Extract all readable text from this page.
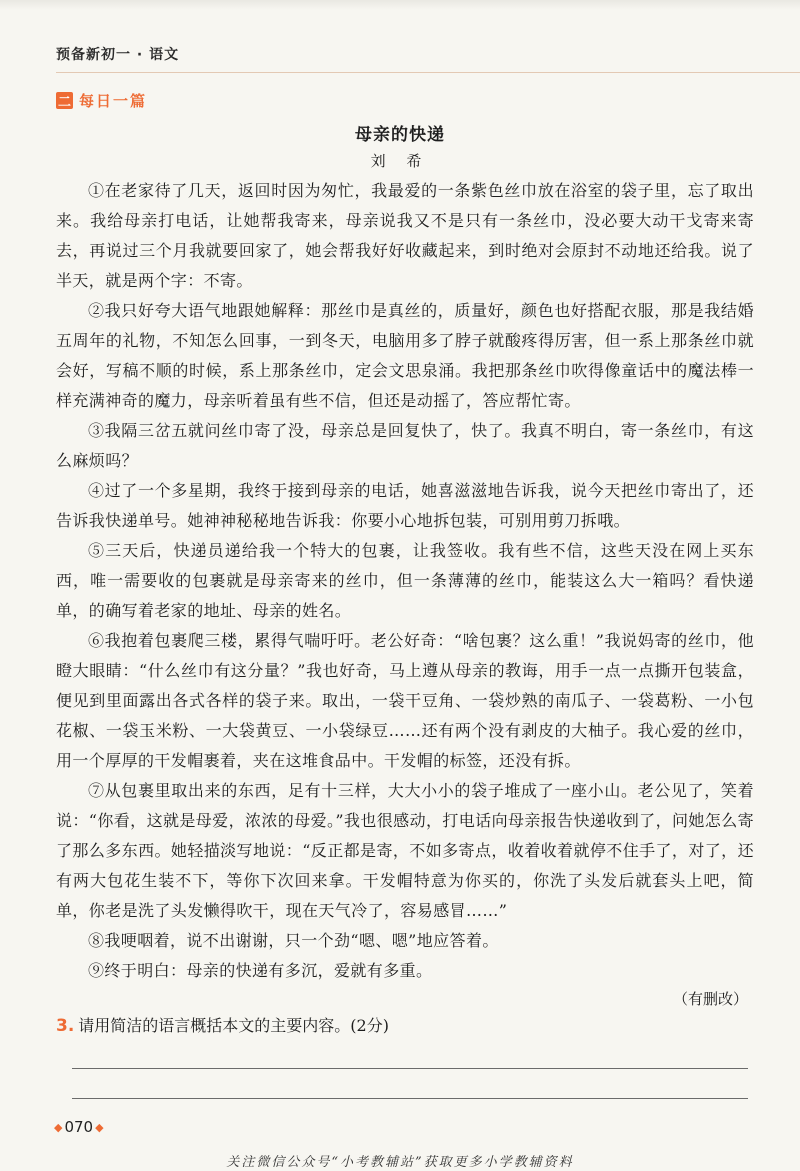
预备新初一 · 语文
二 每日一篇
母亲的快递
刘 希

①在老家待了几天，返回时因为匆忙，我最爱的一条紫色丝巾放在浴室的袋子里，忘了取出来。我给母亲打电话，让她帮我寄来，母亲说我又不是只有一条丝巾，没必要大动干戈寄来寄去，再说过三个月我就要回家了，她会帮我好好收藏起来，到时绝对会原封不动地还给我。说了半天，就是两个字：不寄。

②我只好夸大语气地跟她解释：那丝巾是真丝的，质量好，颜色也好搭配衣服，那是我结婚五周年的礼物，不知怎么回事，一到冬天，电脑用多了脖子就酸疼得厉害，但一系上那条丝巾就会好，写稿不顺的时候，系上那条丝巾，定会文思泉涌。我把那条丝巾吹得像童话中的魔法棒一样充满神奇的魔力，母亲听着虽有些不信，但还是动摇了，答应帮忙寄。

③我隔三岔五就问丝巾寄了没，母亲总是回复快了，快了。我真不明白，寄一条丝巾，有这么麻烦吗？

④过了一个多星期，我终于接到母亲的电话，她喜滋滋地告诉我，说今天把丝巾寄出了，还告诉我快递单号。她神神秘秘地告诉我：你要小心地拆包装，可别用剪刀拆哦。

⑤三天后，快递员递给我一个特大的包裹，让我签收。我有些不信，这些天没在网上买东西，唯一需要收的包裹就是母亲寄来的丝巾，但一条薄薄的丝巾，能装这么大一箱吗？看快递单，的确写着老家的地址、母亲的姓名。

⑥我抱着包裹爬三楼，累得气喘吁吁。老公好奇：“啥包裹？这么重！”我说妈寄的丝巾，他瞪大眼睛：“什么丝巾有这分量？”我也好奇，马上遵从母亲的教诲，用手一点一点撕开包装盒，便见到里面露出各式各样的袋子来。取出，一袋干豆角、一袋炒熟的南瓜子、一袋葛粉、一小包花椒、一袋玉米粉、一大袋黄豆、一小袋绿豆……还有两个没有剥皮的大柚子。我心爱的丝巾，用一个厚厚的干发帽裹着，夹在这堆食品中。干发帽的标签，还没有拆。

⑦从包裹里取出来的东西，足有十三样，大大小小的袋子堆成了一座小山。老公见了，笑着说：“你看，这就是母爱，浓浓的母爱。”我也很感动，打电话向母亲报告快递收到了，问她怎么寄了那么多东西。她轻描淡写地说：“反正都是寄，不如多寄点，收着收着就停不住手了，对了，还有两大包花生装不下，等你下次回来拿。干发帽特意为你买的，你洗了头发后就套头上吧，简单，你老是洗了头发懒得吹干，现在天气冷了，容易感冒……”

⑧我哽咽着，说不出谢谢，只一个劲“嗯、嗯”地应答着。

⑨终于明白：母亲的快递有多沉，爱就有多重。

（有删改）
3. 请用简洁的语言概括本文的主要内容。(2分)
◆ 070 ◆
关注微信公众号“小考教辅站”获取更多小学教辅资料
